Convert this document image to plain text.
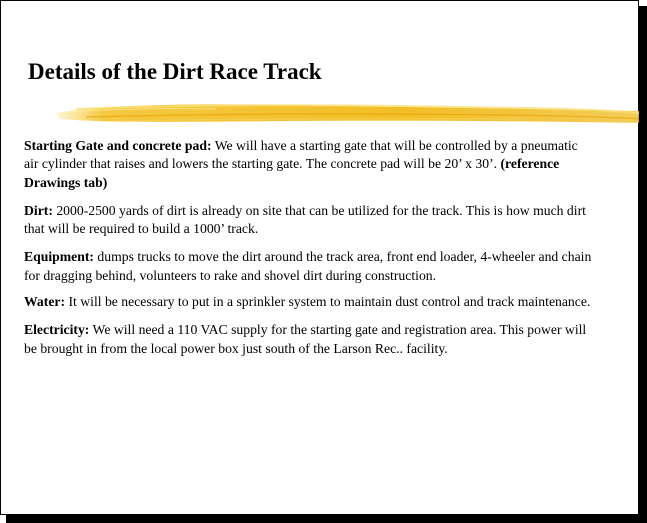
Details of the Dirt Race Track

Starting Gate and concrete pad: We will have a starting gate that will be controlled by a pneumatic air cylinder that raises and lowers the starting gate. The concrete pad will be 20’ x 30’. (reference Drawings tab)

Dirt: 2000-2500 yards of dirt is already on site that can be utilized for the track. This is how much dirt that will be required to build a 1000’ track.

Equipment: dumps trucks to move the dirt around the track area, front end loader, 4-wheeler and chain for dragging behind, volunteers to rake and shovel dirt during construction.

Water: It will be necessary to put in a sprinkler system to maintain dust control and track maintenance.

Electricity: We will need a 110 VAC supply for the starting gate and registration area. This power will be brought in from the local power box just south of the Larson Rec.. facility.
